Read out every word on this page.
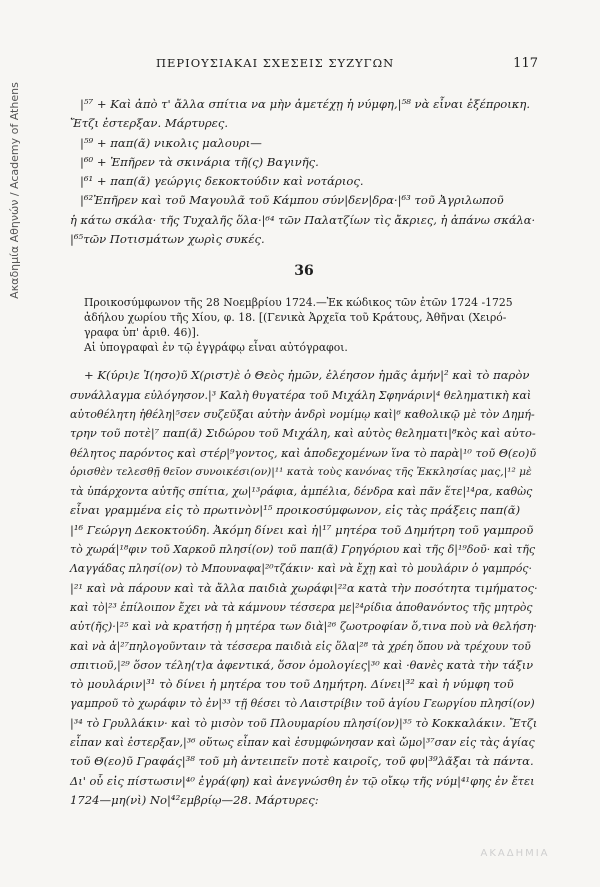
Ακαδημία Αθηνών / Academy of Athens
ΠΕΡΙΟΥΣΙΑΚΑΙ ΣΧΕΣΕΙΣ ΣΥΖΥΓΩΝ	117
|⁵⁷ + Καὶ ἀπὸ τ' ἄλλα σπίτια να μὴν ἀμετέχῃ ἡ νύμφη,|⁵⁸ νὰ εἶναι ἐξέπροικη.
Ἔτζι ἐστερξαν. Μάρτυρες.
|⁵⁹ + παπ(ᾶ) νικολις μαλουρι—
|⁶⁰ + Ἐπῆρεν τὰ σκινάρια τῆ(ς) Βαγινῆς.
|⁶¹ + παπ(ᾶ) γεώργις δεκοκτούδιν καὶ νοτάριος.
|⁶²Ἐπῆρεν καὶ τοῦ Μαγουλᾶ τοῦ Κάμπου σύν|δεν|δρα·|⁶³ τοῦ Ἀγριλωποῦ
ἡ κάτω σκάλα· τῆς Τυχαλῆς ὅλα·|⁶⁴ τῶν Παλατζίων τὶς ἄκριες, ἡ ἀπάνω σκάλα·
|⁶⁵τῶν Ποτισμάτων χωρὶς συκές.
36
Προικοσύμφωνον τῆς 28 Νοεμβρίου 1724.—Ἐκ κώδικος τῶν ἐτῶν 1724 -1725
ἀδήλου χωρίου τῆς Χίου, φ. 18. [(Γενικὰ Ἀρχεῖα τοῦ Κράτους, Ἀθῆναι (Χειρό-
γραφα ὑπ' ἀριθ. 46)].
Αἱ ὑπογραφαὶ ἐν τῷ ἐγγράφῳ εἶναι αὐτόγραφοι.
+ Κ(ύρι)ε Ἰ(ησο)ῦ Χ(ριστ)ὲ ὁ Θεὸς ἡμῶν, ἐλέησον ἡμᾶς ἀμήν|² καὶ τὸ παρὸν
συνάλλαγμα εὐλόγησον.|³ Καλὴ θυγατέρα τοῦ Μιχάλη Σφηνάριν|⁴ θεληματικὴ καὶ
αὐτοθέλητη ἠθέλη|⁵σεν συζεῦξαι αὐτὴν ἀνδρὶ νομίμῳ καὶ|⁶ καθολικῷ μὲ τὸν Δημή-
τρην τοῦ ποτὲ|⁷ παπ(ᾶ) Σιδώρου τοῦ Μιχάλη, καὶ αὐτὸς θεληματι|⁸κὸς καὶ αὐτο-
θέλητος παρόντος καὶ στέρ|⁹γοντος, καὶ ἀποδεχομένων ἵνα τὸ παρὰ|¹⁰ τοῦ Θ(εο)ῦ
ὁρισθὲν τελεσθῇ θεῖον συνοικέσι(ον)|¹¹ κατὰ τοὺς κανόνας τῆς Ἐκκλησίας μας,|¹² μὲ
τὰ ὑπάρχοντα αὐτῆς σπίτια, χω|¹³ράφια, ἀμπέλια, δένδρα καὶ πᾶν ἕτε|¹⁴ρα, καθὼς
εἶναι γραμμένα εἰς τὸ πρωτινὸν|¹⁵ προικοσύμφωνον, εἰς τὰς πράξεις παπ(ᾶ)
|¹⁶ Γεώργη Δεκοκτούδη. Ἀκόμη δίνει καὶ ἡ|¹⁷ μητέρα τοῦ Δημήτρη τοῦ γαμπροῦ
τὸ χωρά|¹⁸φιν τοῦ Χαρκοῦ πλησί(ον) τοῦ παπ(ᾶ) Γρηγόριου καὶ τῆς δ|¹⁹δοῦ· καὶ τῆς
Λαγγάδας πλησί(ον) τὸ Μπουναφα|²⁰τζάκιν· καὶ νὰ ἔχῃ καὶ τὸ μουλάριν ὁ γαμπρός·
|²¹ καὶ νὰ πάρουν καὶ τὰ ἄλλα παιδιὰ χωράφι|²²α κατὰ τὴν ποσότητα τιμήματος·
καὶ τὸ|²³ ἐπίλοιπον ἔχει νὰ τὰ κάμνουν τέσσερα με|²⁴ρίδια ἀποθανόντος τῆς μητρὸς
αὐτ(ῆς)·|²⁵ καὶ νὰ κρατήσῃ ἡ μητέρα των διὰ|²⁶ ζωοτροφίαν ὅ,τινα ποὺ νὰ θελήση·
καὶ νὰ ἀ|²⁷πηλογοῦνταιν τὰ τέσσερα παιδιὰ εἰς ὅλα|²⁸ τὰ χρέη ὅπου νὰ τρέχουν τοῦ
σπιτιοῦ,|²⁹ ὅσον τέλη⟨τ⟩α ἀφεντικά, ὅσον ὁμολογίες|³⁰ καὶ ·θανὲς κατὰ τὴν τάξιν
τὸ μουλάριν|³¹ τὸ δίνει ἡ μητέρα του τοῦ Δημήτρη. Δίνει|³² καὶ ἡ νύμφη τοῦ
γαμπροῦ τὸ χωράφιν τὸ ἐν|³³ τῇ θέσει τὸ Λαιστρίβιν τοῦ ἁγίου Γεωργίου πλησί(ον)
|³⁴ τὸ Γρυλλάκιν· καὶ τὸ μισὸν τοῦ Πλουμαρίου πλησί(ον)|³⁵ τὸ Κοκκαλάκιν. Ἔτζι
εἶπαν καὶ ἐστερξαν,|³⁶ οὕτως εἶπαν καὶ ἐσυμφώνησαν καὶ ὤμο|³⁷σαν εἰς τὰς ἁγίας
τοῦ Θ(εο)ῦ Γραφάς|³⁸ τοῦ μὴ ἀντειπεῖν ποτὲ καιροῖς, τοῦ φυ|³⁹λᾶξαι τὰ πάντα.
Δι' οὗ εἰς πίστωσιν|⁴⁰ ἐγρά(φη) καὶ ἀνεγνώσθη ἐν τῷ οἴκῳ τῆς νύμ|⁴¹φης ἐν ἔτει
1724—μη(νὶ) Νο|⁴²εμβρίῳ—28. Μάρτυρες:
ΑΚΑΔΗΜΙΑ
